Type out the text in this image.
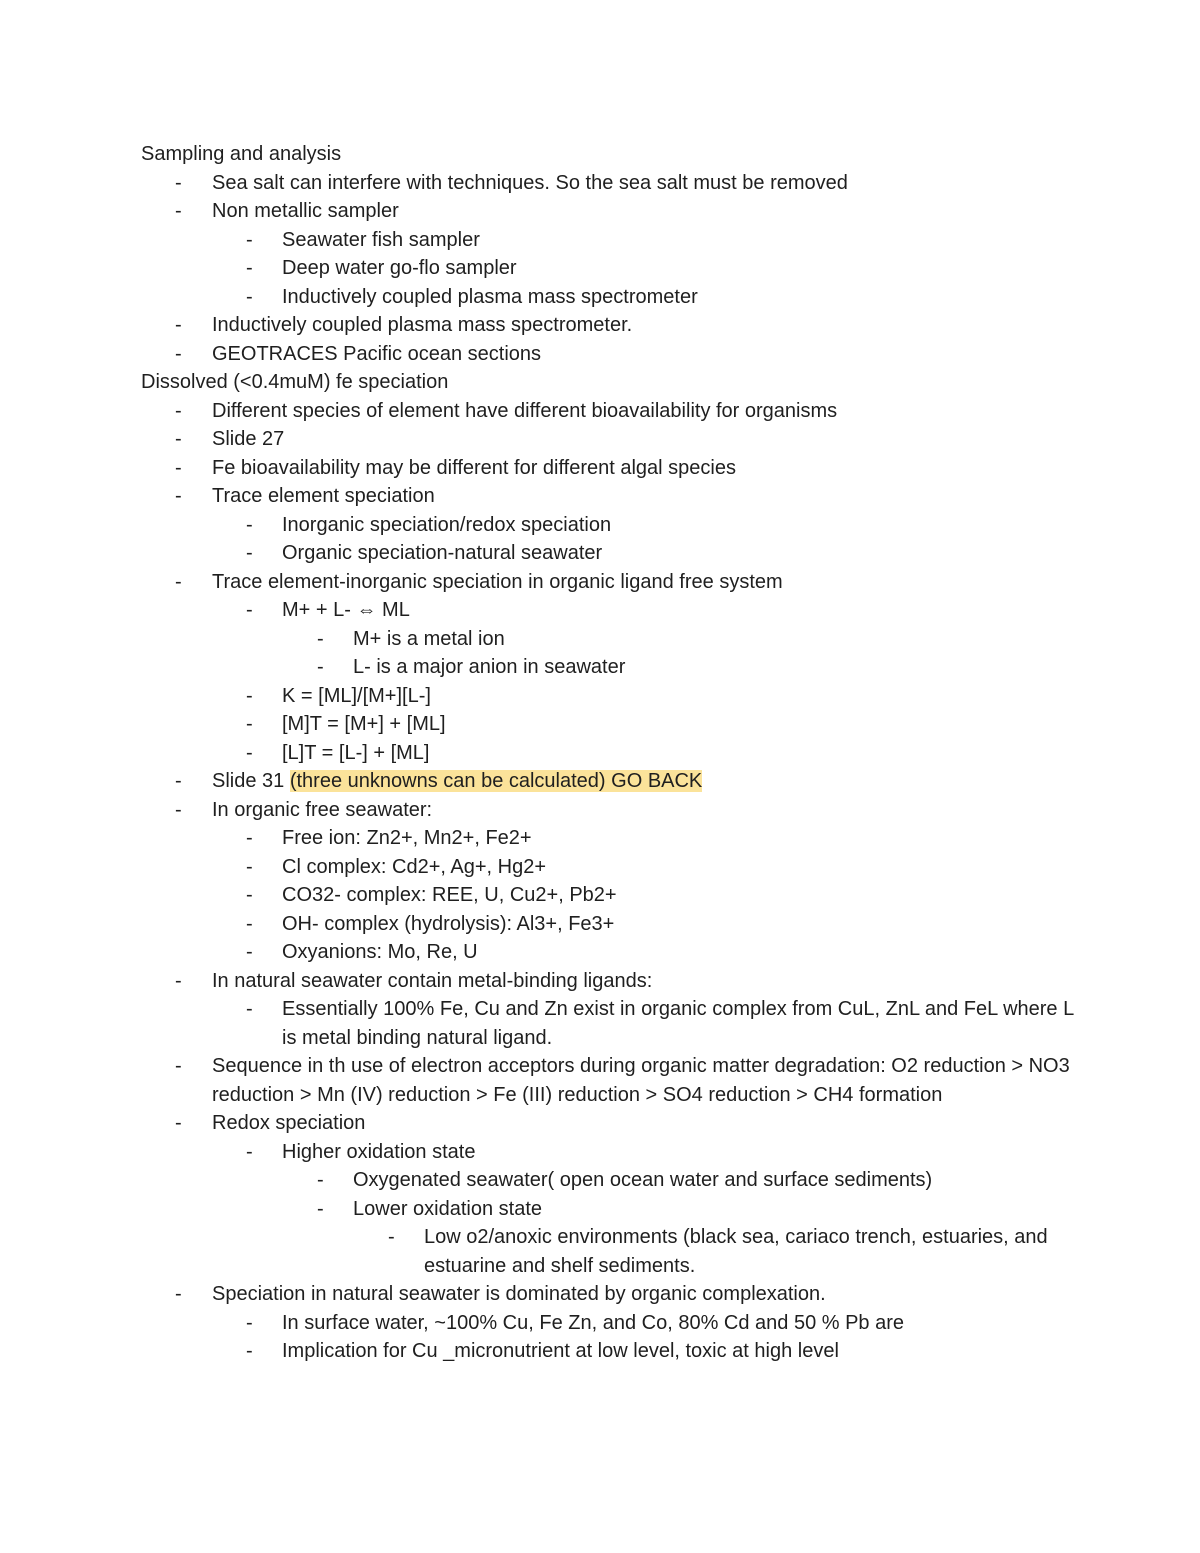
Sampling and analysis
- Sea salt can interfere with techniques. So the sea salt must be removed
- Non metallic sampler
- Seawater fish sampler
- Deep water go-flo sampler
- Inductively coupled plasma mass spectrometer
- Inductively coupled plasma mass spectrometer.
- GEOTRACES Pacific ocean sections
Dissolved (<0.4muM) fe speciation
- Different species of element have different bioavailability for organisms
- Slide 27
- Fe bioavailability may be different for different algal species
- Trace element speciation
- Inorganic speciation/redox speciation
- Organic speciation-natural seawater
- Trace element-inorganic speciation in organic ligand free system
- M+ + L- ⇔ ML
- M+ is a metal ion
- L- is a major anion in seawater
- K = [ML]/[M+][L-]
- [M]T = [M+] + [ML]
- [L]T = [L-] + [ML]
- Slide 31 (three unknowns can be calculated) GO BACK
- In organic free seawater:
- Free ion: Zn2+, Mn2+, Fe2+
- Cl complex: Cd2+, Ag+, Hg2+
- CO32- complex: REE, U, Cu2+, Pb2+
- OH- complex (hydrolysis): Al3+, Fe3+
- Oxyanions: Mo, Re, U
- In natural seawater contain metal-binding ligands:
- Essentially 100% Fe, Cu and Zn exist in organic complex from CuL, ZnL and FeL where L is metal binding natural ligand.
- Sequence in th use of electron acceptors during organic matter degradation: O2 reduction > NO3 reduction > Mn (IV) reduction > Fe (III) reduction > SO4 reduction > CH4 formation
- Redox speciation
- Higher oxidation state
- Oxygenated seawater( open ocean water and surface sediments)
- Lower oxidation state
- Low o2/anoxic environments (black sea, cariaco trench, estuaries, and estuarine and shelf sediments.
- Speciation in natural seawater is dominated by organic complexation.
- In surface water, ~100% Cu, Fe Zn, and Co, 80% Cd and 50 % Pb are
- Implication for Cu _micronutrient at low level, toxic at high level
